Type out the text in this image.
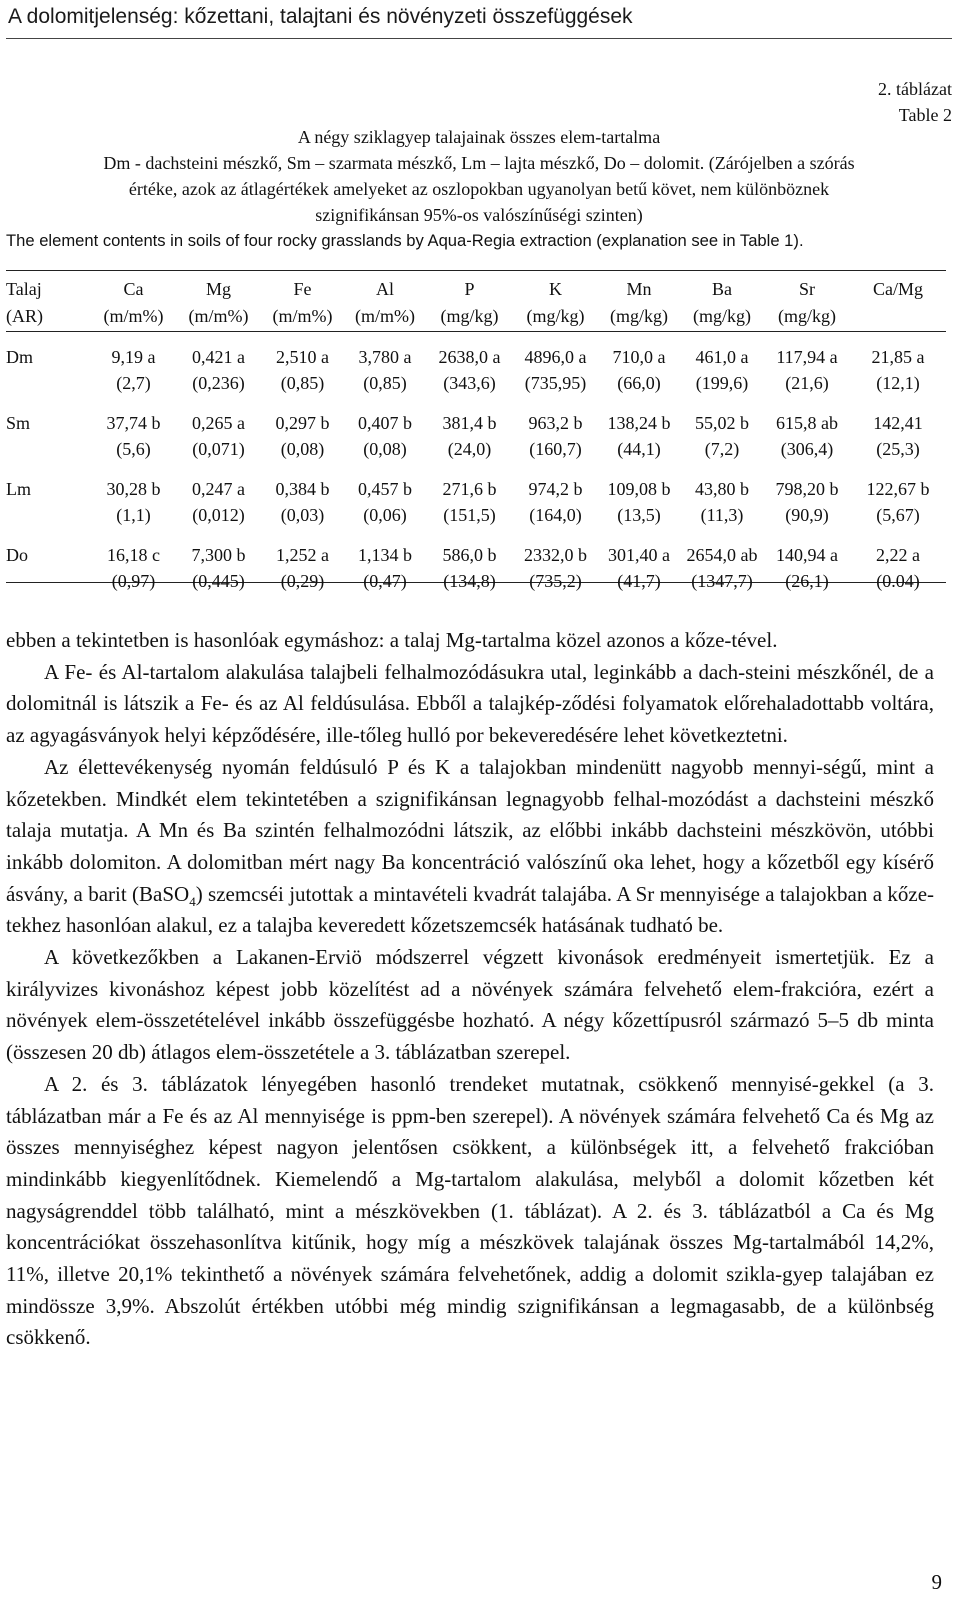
A dolomitjelenség: kőzettani, talajtani és növényzeti összefüggések
2. táblázat
Table 2
A négy sziklagyep talajainak összes elem-tartalma
Dm - dachsteini mészkő, Sm – szarmata mészkő, Lm – lajta mészkő, Do – dolomit. (Zárójelben a szórás
értéke, azok az átlagértékek amelyeket az oszlopokban ugyanolyan betű követ, nem különböznek
szignifikánsan 95%-os valószínűségi szinten)
The element contents in soils of four rocky grasslands by Aqua-Regia extraction (explanation see in Table 1).
Talaj	Ca	Mg	Fe	Al	P	K	Mn	Ba	Sr	Ca/Mg
(AR)	(m/m%)	(m/m%)	(m/m%)	(m/m%)	(mg/kg)	(mg/kg)	(mg/kg)	(mg/kg)	(mg/kg)	
Dm	9,19 a	0,421 a	2,510 a	3,780 a	2638,0 a	4896,0 a	710,0 a	461,0 a	117,94 a	21,85 a
	(2,7)	(0,236)	(0,85)	(0,85)	(343,6)	(735,95)	(66,0)	(199,6)	(21,6)	(12,1)
Sm	37,74 b	0,265 a	0,297 b	0,407 b	381,4 b	963,2 b	138,24 b	55,02 b	615,8 ab	142,41
	(5,6)	(0,071)	(0,08)	(0,08)	(24,0)	(160,7)	(44,1)	(7,2)	(306,4)	(25,3)
Lm	30,28 b	0,247 a	0,384 b	0,457 b	271,6 b	974,2 b	109,08 b	43,80 b	798,20 b	122,67 b
	(1,1)	(0,012)	(0,03)	(0,06)	(151,5)	(164,0)	(13,5)	(11,3)	(90,9)	(5,67)
Do	16,18 c	7,300 b	1,252 a	1,134 b	586,0 b	2332,0 b	301,40 a	2654,0 ab	140,94 a	2,22 a
	(0,97)	(0,445)	(0,29)	(0,47)	(134,8)	(735,2)	(41,7)	(1347,7)	(26,1)	(0.04)

ebben a tekintetben is hasonlóak egymáshoz: a talaj Mg-tartalma közel azonos a kőze-tével.

A Fe- és Al-tartalom alakulása talajbeli felhalmozódásukra utal, leginkább a dach-steini mészkőnél, de a dolomitnál is látszik a Fe- és az Al feldúsulása. Ebből a talajkép-ződési folyamatok előrehaladottabb voltára, az agyagásványok helyi képződésére, ille-tőleg hulló por bekeveredésére lehet következtetni.

Az élettevékenység nyomán feldúsuló P és K a talajokban mindenütt nagyobb mennyi-ségű, mint a kőzetekben. Mindkét elem tekintetében a szignifikánsan legnagyobb felhal-mozódást a dachsteini mészkő talaja mutatja. A Mn és Ba szintén felhalmozódni látszik, az előbbi inkább dachsteini mészkövön, utóbbi inkább dolomiton. A dolomitban mért nagy Ba koncentráció valószínű oka lehet, hogy a kőzetből egy kísérő ásvány, a barit (BaSO$_4$) szemcséi jutottak a mintavételi kvadrát talajába. A Sr mennyisége a talajokban a kőze-tekhez hasonlóan alakul, ez a talajba keveredett kőzetszemcsék hatásának tudható be.

A következőkben a Lakanen-Erviö módszerrel végzett kivonások eredményeit ismertetjük. Ez a királyvizes kivonáshoz képest jobb közelítést ad a növények számára felvehető elem-frakcióra, ezért a növények elem-összetételével inkább összefüggésbe hozható. A négy kőzettípusról származó 5–5 db minta (összesen 20 db) átlagos elem-összetétele a 3. táblázatban szerepel.

A 2. és 3. táblázatok lényegében hasonló trendeket mutatnak, csökkenő mennyisé-gekkel (a 3. táblázatban már a Fe és az Al mennyisége is ppm-ben szerepel). A növények számára felvehető Ca és Mg az összes mennyiséghez képest nagyon jelentősen csökkent, a különbségek itt, a felvehető frakcióban mindinkább kiegyenlítődnek. Kiemelendő a Mg-tartalom alakulása, melyből a dolomit kőzetben két nagyságrenddel több található, mint a mészkövekben (1. táblázat). A 2. és 3. táblázatból a Ca és Mg koncentrációkat összehasonlítva kitűnik, hogy míg a mészkövek talajának összes Mg-tartalmából 14,2%, 11%, illetve 20,1% tekinthető a növények számára felvehetőnek, addig a dolomit szikla-gyep talajában ez mindössze 3,9%. Abszolút értékben utóbbi még mindig szignifikánsan a legmagasabb, de a különbség csökkenő.

9
